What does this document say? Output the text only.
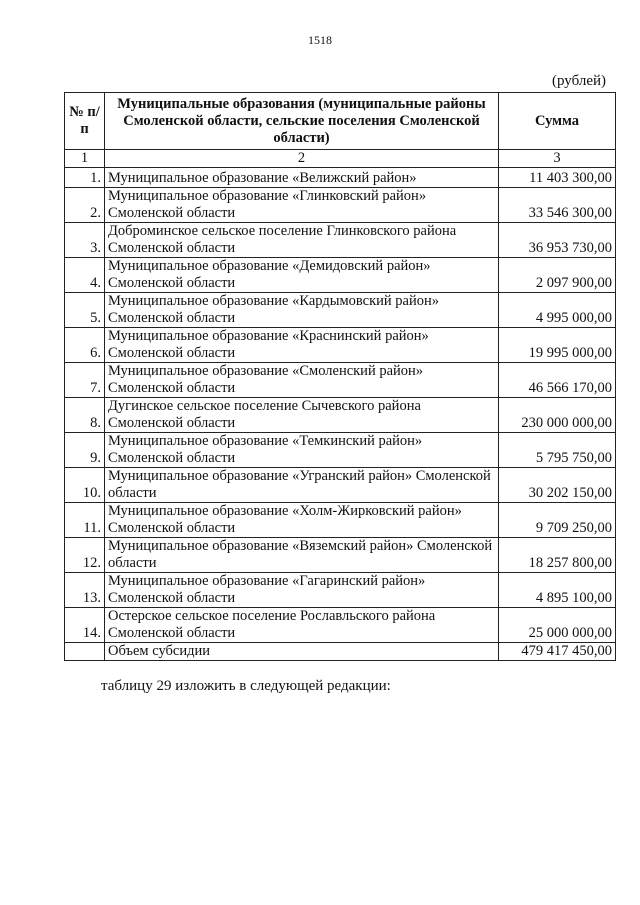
1518
(рублей)
№ п/п	Муниципальные образования (муниципальные районы Смоленской области, сельские поселения Смоленской области)	Сумма
1	2	3
1.	Муниципальное образование «Велижский район»	11 403 300,00
2.	Муниципальное образование «Глинковский район» Смоленской области	33 546 300,00
3.	Доброминское сельское поселение Глинковского района Смоленской области	36 953 730,00
4.	Муниципальное образование «Демидовский район» Смоленской области	2 097 900,00
5.	Муниципальное образование «Кардымовский район» Смоленской области	4 995 000,00
6.	Муниципальное образование «Краснинский район» Смоленской области	19 995 000,00
7.	Муниципальное образование «Смоленский район» Смоленской области	46 566 170,00
8.	Дугинское сельское поселение Сычевского района Смоленской области	230 000 000,00
9.	Муниципальное образование «Темкинский район» Смоленской области	5 795 750,00
10.	Муниципальное образование «Угранский район» Смоленской области	30 202 150,00
11.	Муниципальное образование «Холм-Жирковский район» Смоленской области	9 709 250,00
12.	Муниципальное образование «Вяземский район» Смоленской области	18 257 800,00
13.	Муниципальное образование «Гагаринский район» Смоленской области	4 895 100,00
14.	Остерское сельское поселение Рославльского района Смоленской области	25 000 000,00
	Объем субсидии	479 417 450,00
таблицу 29 изложить в следующей редакции:
